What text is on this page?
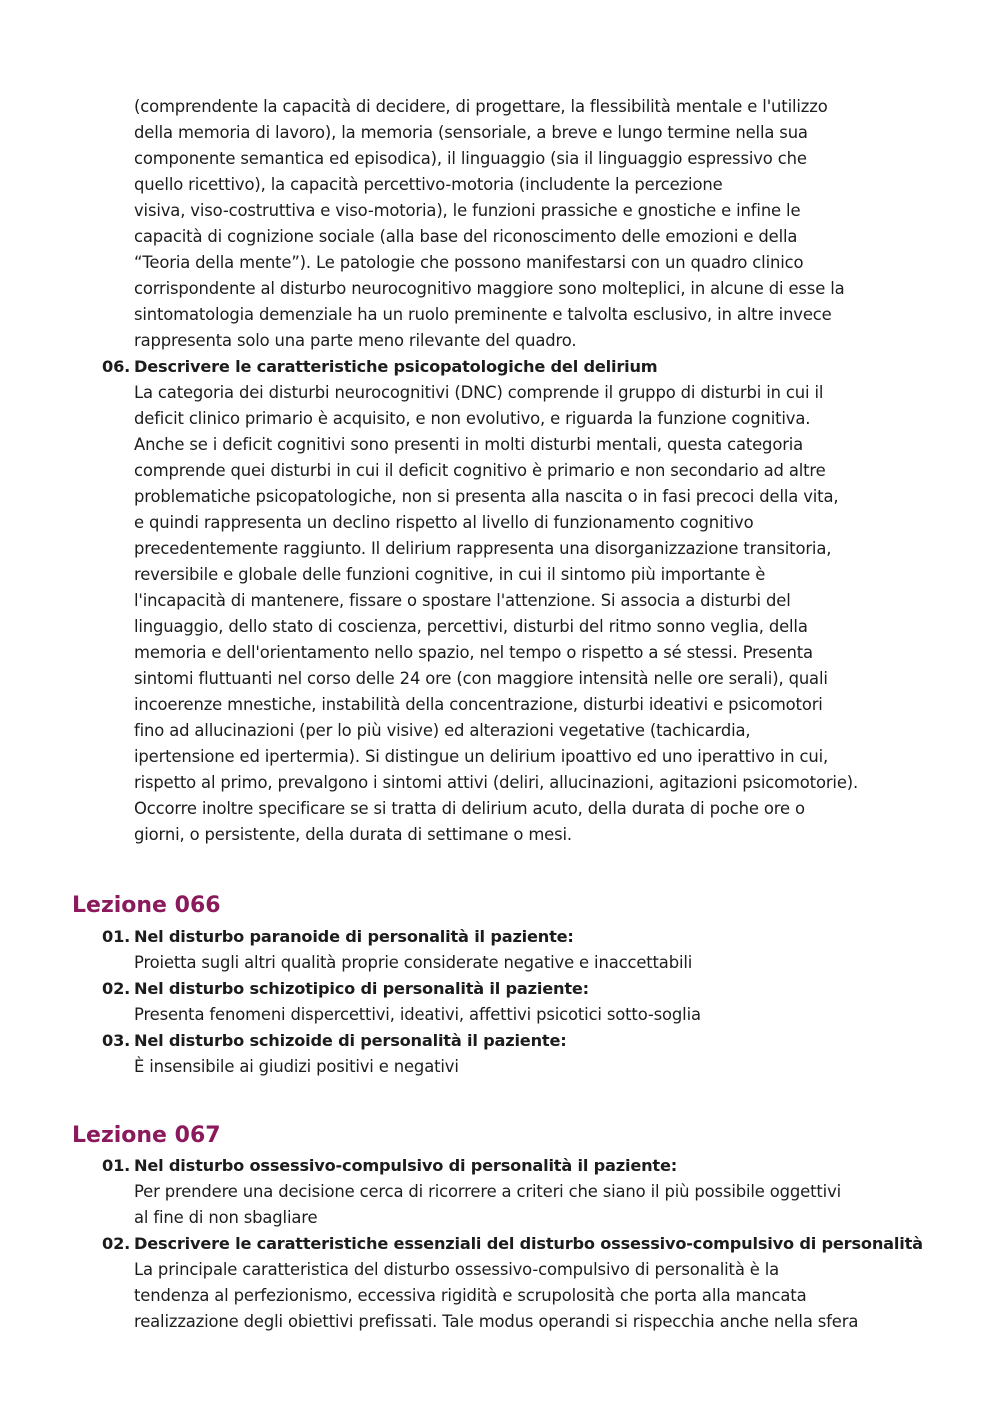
(comprendente la capacità di decidere, di progettare, la flessibilità mentale e l'utilizzo
della memoria di lavoro), la memoria (sensoriale, a breve e lungo termine nella sua
componente semantica ed episodica), il linguaggio (sia il linguaggio espressivo che
quello ricettivo), la capacità percettivo-motoria (includente la percezione
visiva, viso-costruttiva e viso-motoria), le funzioni prassiche e gnostiche e infine le
capacità di cognizione sociale (alla base del riconoscimento delle emozioni e della
“Teoria della mente”). Le patologie che possono manifestarsi con un quadro clinico
corrispondente al disturbo neurocognitivo maggiore sono molteplici, in alcune di esse la
sintomatologia demenziale ha un ruolo preminente e talvolta esclusivo, in altre invece
rappresenta solo una parte meno rilevante del quadro.
06. Descrivere le caratteristiche psicopatologiche del delirium
La categoria dei disturbi neurocognitivi (DNC) comprende il gruppo di disturbi in cui il
deficit clinico primario è acquisito, e non evolutivo, e riguarda la funzione cognitiva.
Anche se i deficit cognitivi sono presenti in molti disturbi mentali, questa categoria
comprende quei disturbi in cui il deficit cognitivo è primario e non secondario ad altre
problematiche psicopatologiche, non si presenta alla nascita o in fasi precoci della vita,
e quindi rappresenta un declino rispetto al livello di funzionamento cognitivo
precedentemente raggiunto. Il delirium rappresenta una disorganizzazione transitoria,
reversibile e globale delle funzioni cognitive, in cui il sintomo più importante è
l'incapacità di mantenere, fissare o spostare l'attenzione. Si associa a disturbi del
linguaggio, dello stato di coscienza, percettivi, disturbi del ritmo sonno veglia, della
memoria e dell'orientamento nello spazio, nel tempo o rispetto a sé stessi. Presenta
sintomi fluttuanti nel corso delle 24 ore (con maggiore intensità nelle ore serali), quali
incoerenze mnestiche, instabilità della concentrazione, disturbi ideativi e psicomotori
fino ad allucinazioni (per lo più visive) ed alterazioni vegetative (tachicardia,
ipertensione ed ipertermia). Si distingue un delirium ipoattivo ed uno iperattivo in cui,
rispetto al primo, prevalgono i sintomi attivi (deliri, allucinazioni, agitazioni psicomotorie).
Occorre inoltre specificare se si tratta di delirium acuto, della durata di poche ore o
giorni, o persistente, della durata di settimane o mesi.
Lezione 066
01. Nel disturbo paranoide di personalità il paziente:
Proietta sugli altri qualità proprie considerate negative e inaccettabili
02. Nel disturbo schizotipico di personalità il paziente:
Presenta fenomeni dispercettivi, ideativi, affettivi psicotici sotto-soglia
03. Nel disturbo schizoide di personalità il paziente:
È insensibile ai giudizi positivi e negativi
Lezione 067
01. Nel disturbo ossessivo-compulsivo di personalità il paziente:
Per prendere una decisione cerca di ricorrere a criteri che siano il più possibile oggettivi
al fine di non sbagliare
02. Descrivere le caratteristiche essenziali del disturbo ossessivo-compulsivo di personalità
La principale caratteristica del disturbo ossessivo-compulsivo di personalità è la
tendenza al perfezionismo, eccessiva rigidità e scrupolosità che porta alla mancata
realizzazione degli obiettivi prefissati. Tale modus operandi si rispecchia anche nella sfera
